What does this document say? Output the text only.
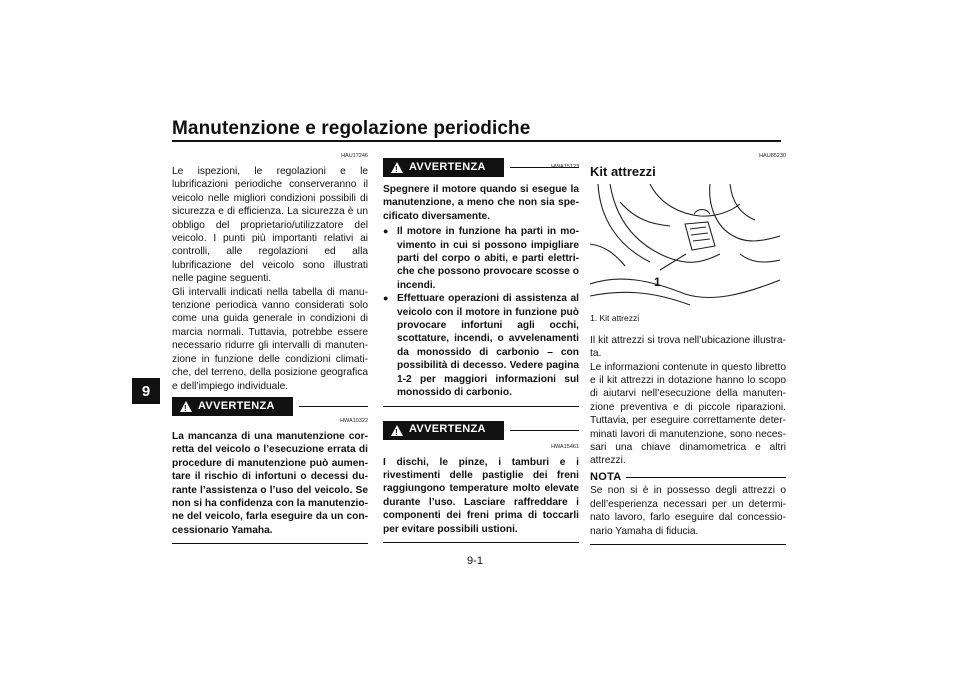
Manutenzione e regolazione periodiche
9
9-1
HAU17246

Le ispezioni, le regolazioni e le lubrificazioni periodiche conserveranno il veicolo nelle migliori condizioni possibili di sicurezza e di efficienza. La sicurezza è un obbligo del proprietario/utilizzatore del veicolo. I punti più importanti relativi ai controlli, alle regolazioni ed alla lubrificazione del veicolo sono illustrati nelle pagine seguenti.

Gli intervalli indicati nella tabella di manutenzione periodica vanno considerati solo come una guida generale in condizioni di marcia normali. Tuttavia, potrebbe essere necessario ridurre gli intervalli di manutenzione in funzione delle condizioni climatiche, del terreno, della posizione geografica e dell’impiego individuale.

! AVVERTENZA
HWA10322

La mancanza di una manutenzione corretta del veicolo o l’esecuzione errata di procedure di manutenzione può aumentare il rischio di infortuni o decessi durante l’assistenza o l’uso del veicolo. Se non si ha confidenza con la manutenzione del veicolo, farla eseguire da un concessionario Yamaha.

! AVVERTENZA	HWA15123

Spegnere il motore quando si esegue la manutenzione, a meno che non sia specificato diversamente.

● Il motore in funzione ha parti in movimento in cui si possono impigliare parti del corpo o abiti, e parti elettriche che possono provocare scosse o incendi.
● Effettuare operazioni di assistenza al veicolo con il motore in funzione può provocare infortuni agli occhi, scottature, incendi, o avvelenamenti da monossido di carbonio – con possibilità di decesso. Vedere pagina 1-2 per maggiori informazioni sul monossido di carbonio.
! AVVERTENZA
HWA15461

I dischi, le pinze, i tamburi e i rivestimenti delle pastiglie dei freni raggiungono temperature molto elevate durante l’uso. Lasciare raffreddare i componenti dei freni prima di toccarli per evitare possibili ustioni.

HAU85230
Kit attrezzi
1
1. Kit attrezzi

Il kit attrezzi si trova nell’ubicazione illustrata.

Le informazioni contenute in questo libretto e il kit attrezzi in dotazione hanno lo scopo di aiutarvi nell’esecuzione della manutenzione preventiva e di piccole riparazioni. Tuttavia, per eseguire correttamente determinati lavori di manutenzione, sono necessari una chiave dinamometrica e altri attrezzi.

NOTA

Se non si è in possesso degli attrezzi o dell’esperienza necessari per un determinato lavoro, farlo eseguire dal concessionario Yamaha di fiducia.
